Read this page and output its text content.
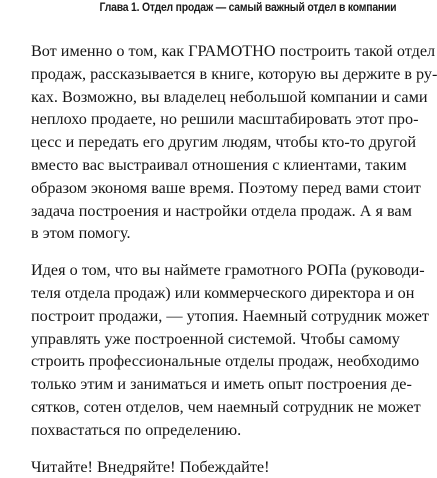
Глава 1. Отдел продаж — самый важный отдел в компании

Вот именно о том, как ГРАМОТНО построить такой отдел
продаж, рассказывается в книге, которую вы держите в ру-
ках. Возможно, вы владелец небольшой компании и сами
неплохо продаете, но решили масштабировать этот про-
цесс и передать его другим людям, чтобы кто-то другой
вместо вас выстраивал отношения с клиентами, таким
образом экономя ваше время. Поэтому перед вами стоит
задача построения и настройки отдела продаж. А я вам
в этом помогу.

Идея о том, что вы наймете грамотного РОПа (руководи-
теля отдела продаж) или коммерческого директора и он
построит продажи, — утопия. Наемный сотрудник может
управлять уже построенной системой. Чтобы самому
строить профессиональные отделы продаж, необходимо
только этим и заниматься и иметь опыт построения де-
сятков, сотен отделов, чем наемный сотрудник не может
похвастаться по определению.

Читайте! Внедряйте! Побеждайте!
